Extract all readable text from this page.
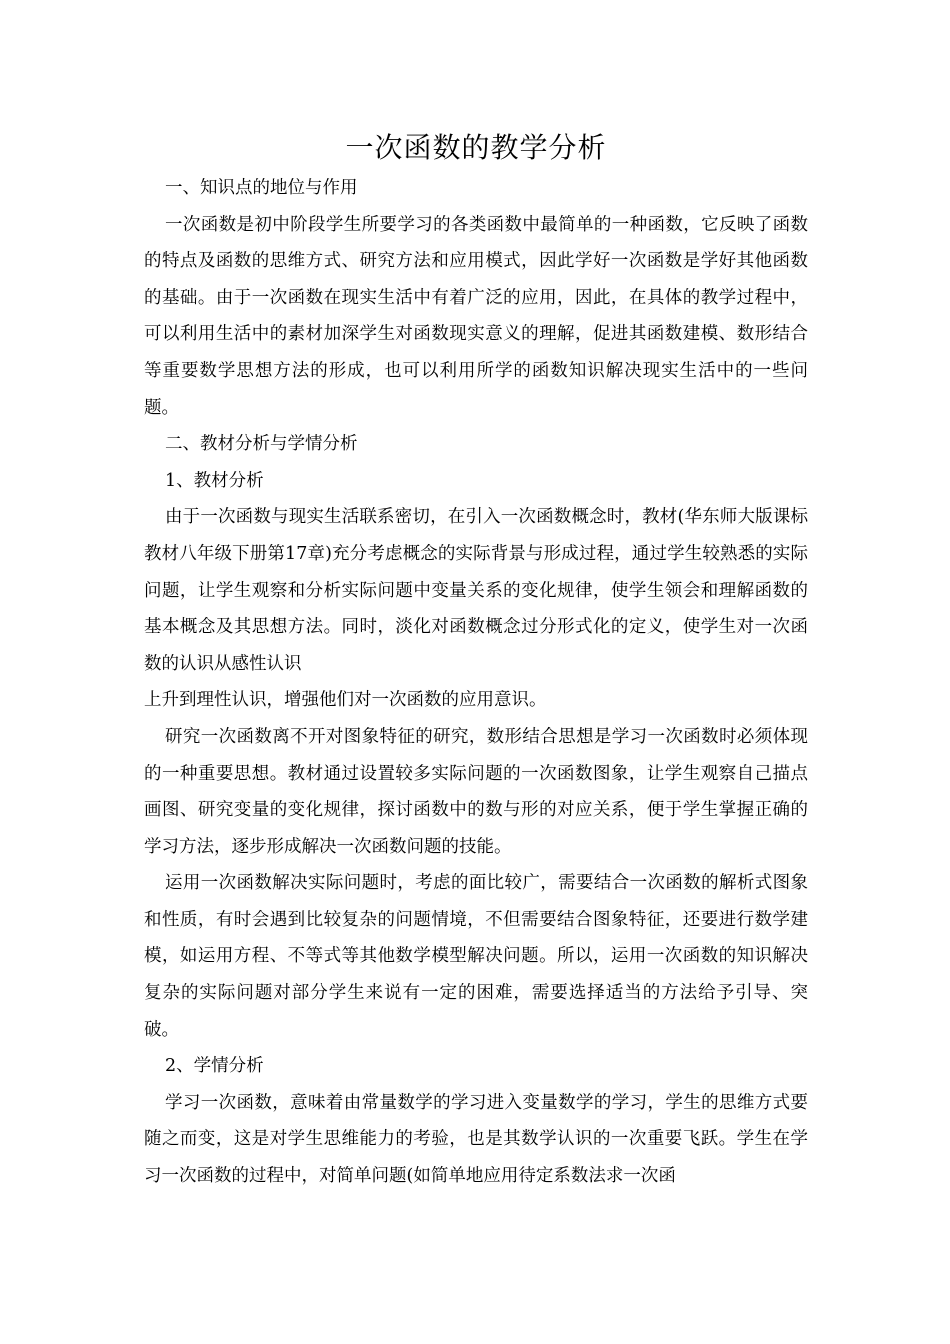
一次函数的教学分析

一、知识点的地位与作用

一次函数是初中阶段学生所要学习的各类函数中最简单的一种函数，它反映了函数的特点及函数的思维方式、研究方法和应用模式，因此学好一次函数是学好其他函数的基础。由于一次函数在现实生活中有着广泛的应用，因此，在具体的教学过程中，可以利用生活中的素材加深学生对函数现实意义的理解，促进其函数建模、数形结合等重要数学思想方法的形成，也可以利用所学的函数知识解决现实生活中的一些问题。

二、教材分析与学情分析

1、教材分析

由于一次函数与现实生活联系密切，在引入一次函数概念时，教材(华东师大版课标教材八年级下册第17章)充分考虑概念的实际背景与形成过程，通过学生较熟悉的实际问题，让学生观察和分析实际问题中变量关系的变化规律，使学生领会和理解函数的基本概念及其思想方法。同时，淡化对函数概念过分形式化的定义，使学生对一次函数的认识从感性认识

上升到理性认识，增强他们对一次函数的应用意识。

研究一次函数离不开对图象特征的研究，数形结合思想是学习一次函数时必须体现的一种重要思想。教材通过设置较多实际问题的一次函数图象，让学生观察自己描点画图、研究变量的变化规律，探讨函数中的数与形的对应关系，便于学生掌握正确的学习方法，逐步形成解决一次函数问题的技能。

运用一次函数解决实际问题时，考虑的面比较广，需要结合一次函数的解析式图象和性质，有时会遇到比较复杂的问题情境，不但需要结合图象特征，还要进行数学建模，如运用方程、不等式等其他数学模型解决问题。所以，运用一次函数的知识解决复杂的实际问题对部分学生来说有一定的困难，需要选择适当的方法给予引导、突破。

2、学情分析

学习一次函数，意味着由常量数学的学习进入变量数学的学习，学生的思维方式要随之而变，这是对学生思维能力的考验，也是其数学认识的一次重要飞跃。学生在学习一次函数的过程中，对简单问题(如简单地应用待定系数法求一次函
